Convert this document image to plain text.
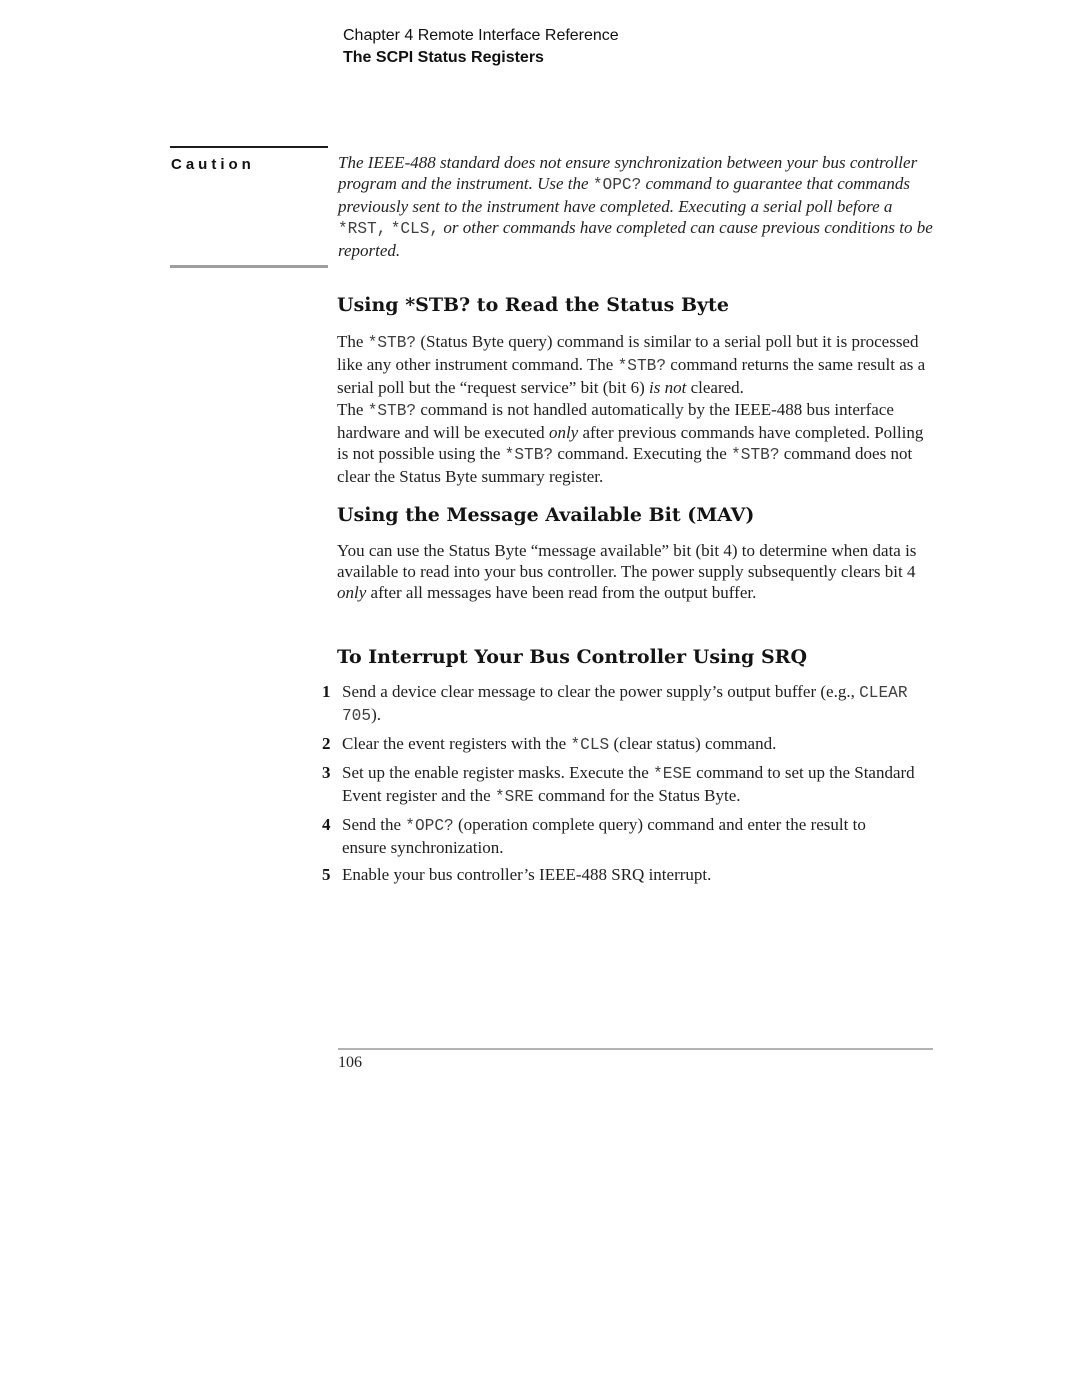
Chapter 4 Remote Interface Reference
The SCPI Status Registers
Caution	The IEEE-488 standard does not ensure synchronization between your bus controller program and the instrument. Use the *OPC? command to guarantee that commands previously sent to the instrument have completed. Executing a serial poll before a *RST, *CLS, or other commands have completed can cause previous conditions to be reported.
Using *STB? to Read the Status Byte

The *STB? (Status Byte query) command is similar to a serial poll but it is processed like any other instrument command. The *STB? command returns the same result as a serial poll but the “request service” bit (bit 6) is not cleared.

The *STB? command is not handled automatically by the IEEE-488 bus interface hardware and will be executed only after previous commands have completed. Polling is not possible using the *STB? command. Executing the *STB? command does not clear the Status Byte summary register.

Using the Message Available Bit (MAV)

You can use the Status Byte “message available” bit (bit 4) to determine when data is available to read into your bus controller. The power supply subsequently clears bit 4 only after all messages have been read from the output buffer.

To Interrupt Your Bus Controller Using SRQ
1 Send a device clear message to clear the power supply’s output buffer (e.g., CLEAR 705).
2 Clear the event registers with the *CLS (clear status) command.
3 Set up the enable register masks. Execute the *ESE command to set up the Standard Event register and the *SRE command for the Status Byte.
4 Send the *OPC? (operation complete query) command and enter the result to
ensure synchronization.
5 Enable your bus controller’s IEEE-488 SRQ interrupt.
106
